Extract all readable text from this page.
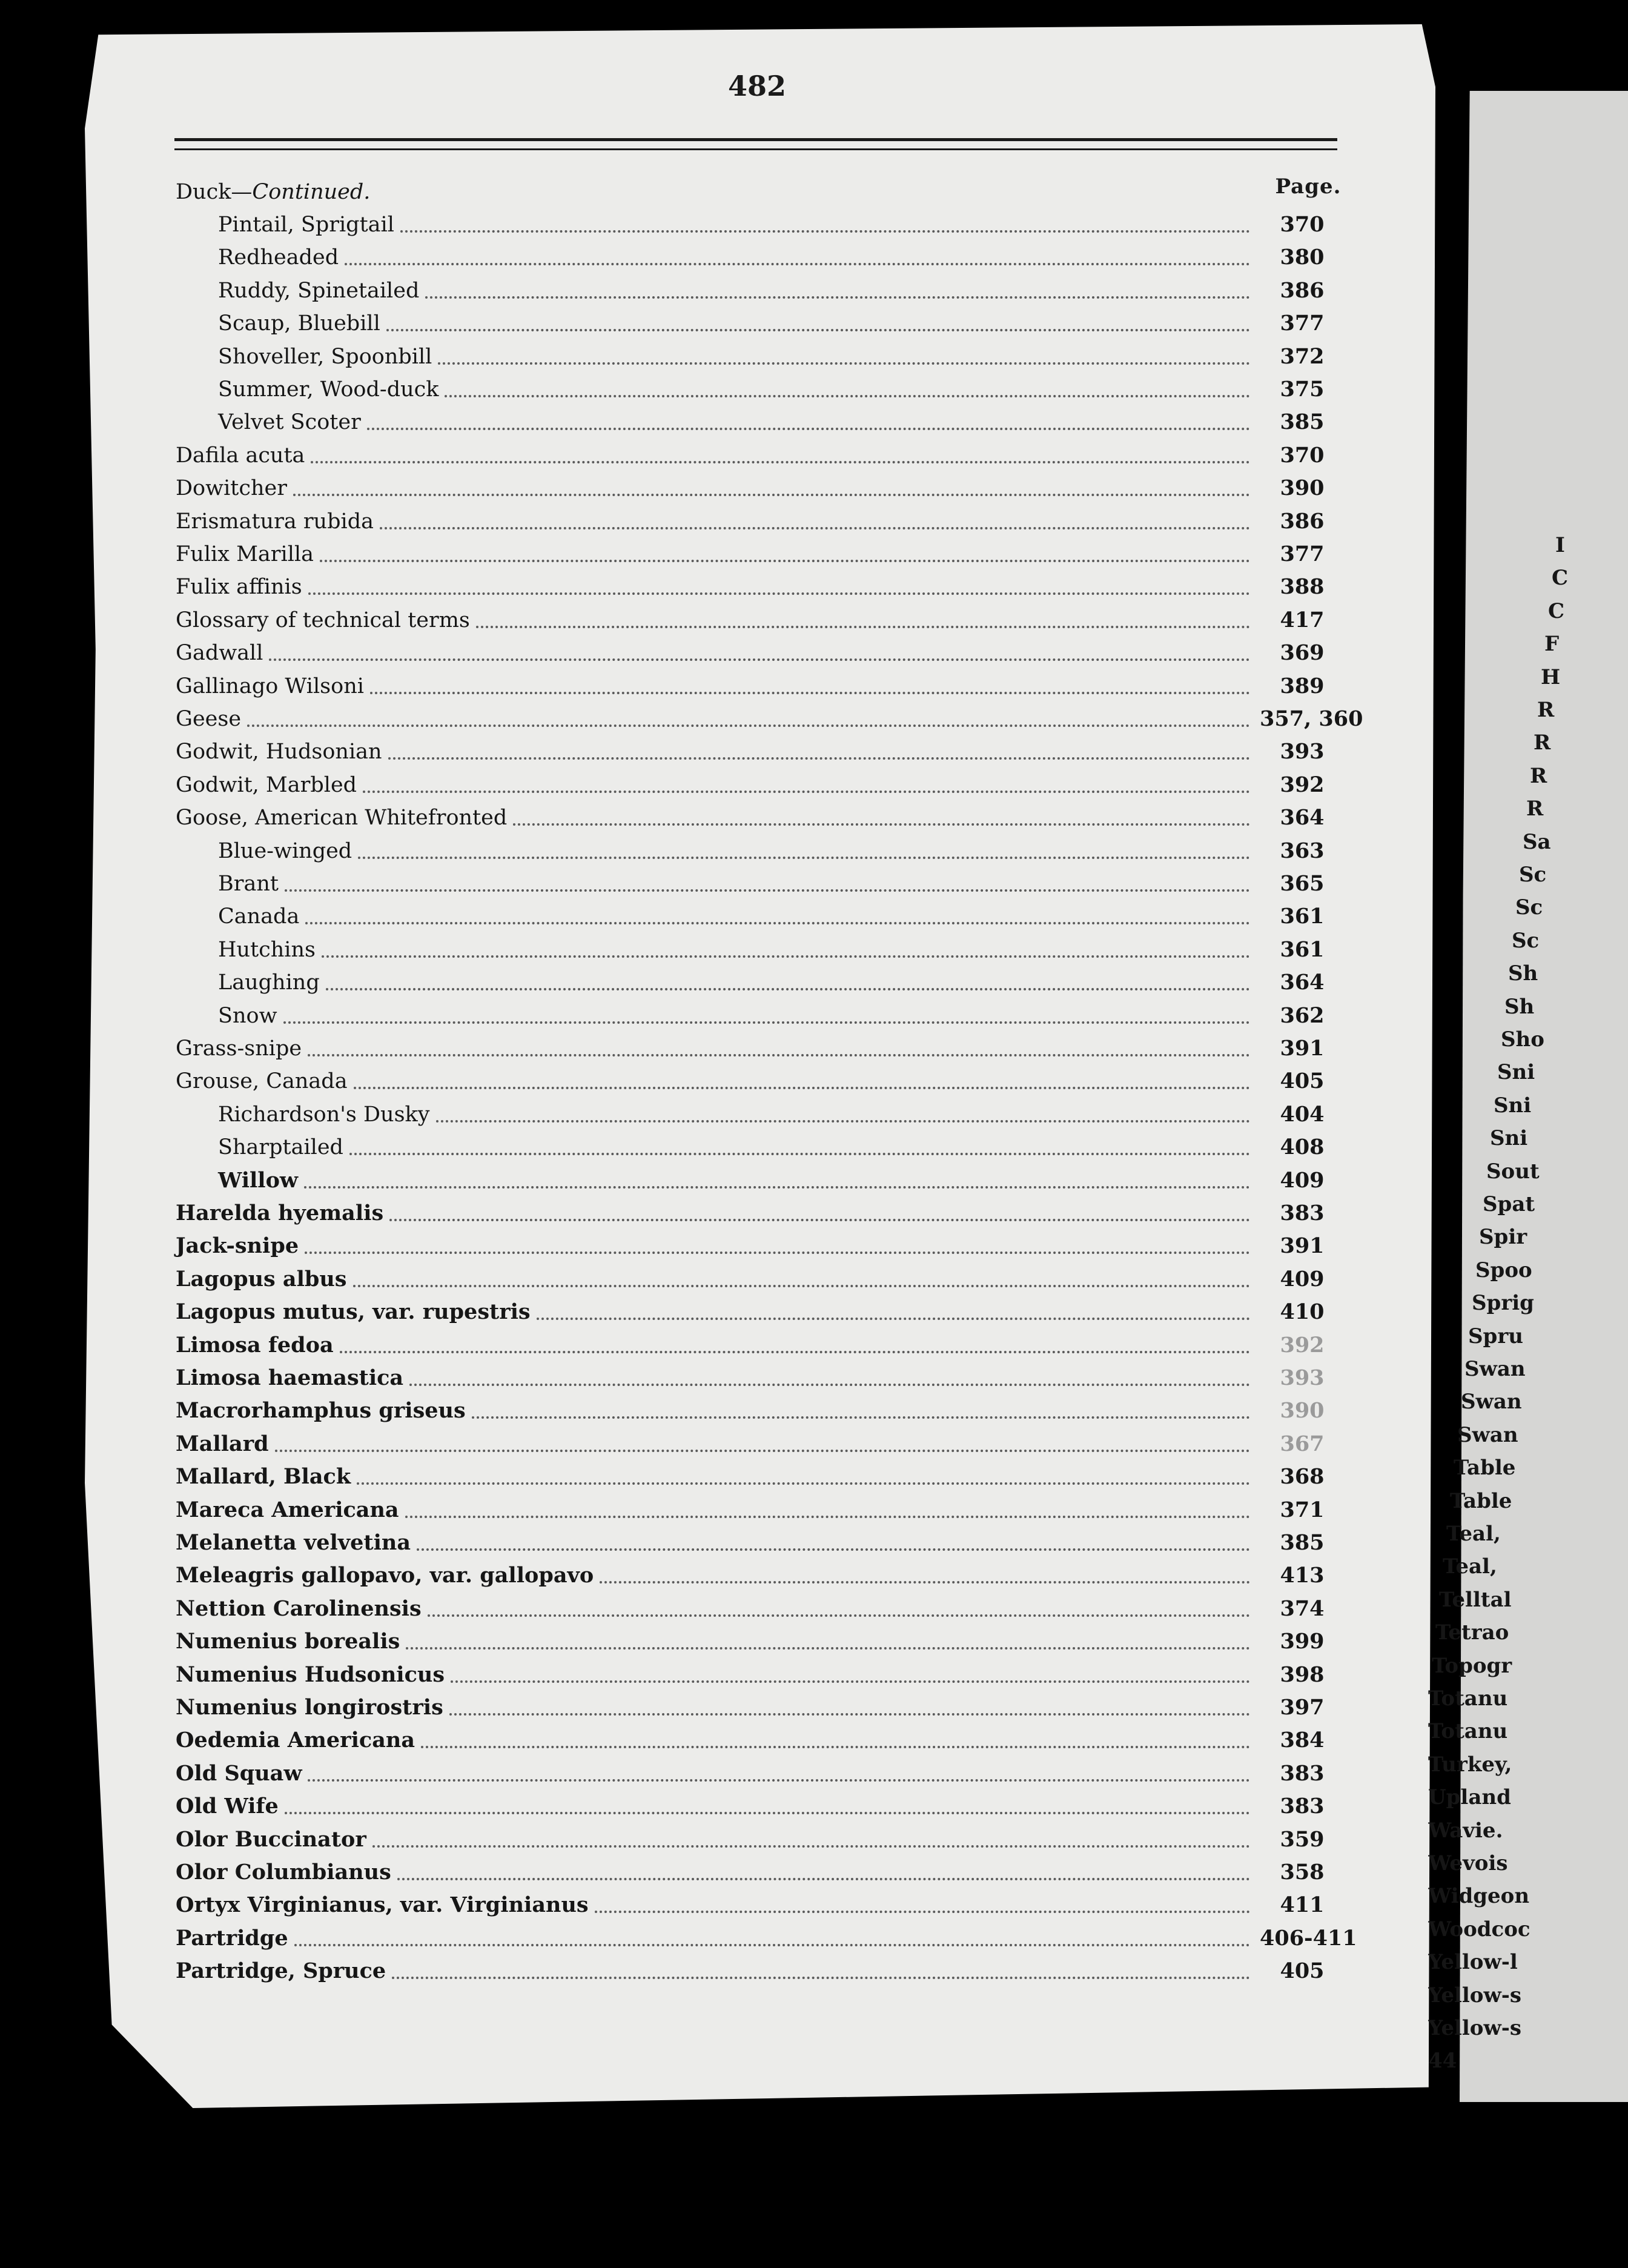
482
Page.
Duck—Continued.
Pintail, Sprigtail	370
Redheaded	380
Ruddy, Spinetailed	386
Scaup, Bluebill	377
Shoveller, Spoonbill	372
Summer, Wood-duck	375
Velvet Scoter	385
Dafila acuta	370
Dowitcher	390
Erismatura rubida	386
Fulix Marilla	377
Fulix affinis	388
Glossary of technical terms	417
Gadwall	369
Gallinago Wilsoni	389
Geese	357, 360
Godwit, Hudsonian	393
Godwit, Marbled	392
Goose, American Whitefronted	364
Blue-winged	363
Brant	365
Canada	361
Hutchins	361
Laughing	364
Snow	362
Grass-snipe	391
Grouse, Canada	405
Richardson's Dusky	404
Sharptailed	408
Willow	409
Harelda hyemalis	383
Jack-snipe	391
Lagopus albus	409
Lagopus mutus, var. rupestris	410
Limosa fedoa	392
Limosa haemastica	393
Macrorhamphus griseus	390
Mallard	367
Mallard, Black	368
Mareca Americana	371
Melanetta velvetina	385
Meleagris gallopavo, var. gallopavo	413
Nettion Carolinensis	374
Numenius borealis	399
Numenius Hudsonicus	398
Numenius longirostris	397
Oedemia Americana	384
Old Squaw	383
Old Wife	383
Olor Buccinator	359
Olor Columbianus	358
Ortyx Virginianus, var. Virginianus	411
Partridge	406-411
Partridge, Spruce	405
I
C
C
F
H
R
R
R
R
Sa
Sc
Sc
Sc
Sh
Sh
Sho
Sni
Sni
Sni
Sout
Spat
Spir
Spoo
Sprig
Spru
Swan
Swan
Swan
Table
Table
Teal,
Teal,
Telltal
Tetrao
Topogr
Totanu
Totanu
Turkey,
Upland
Wavie.
Wevois
Widgeon
Woodcoc
Yellow-l
Yellow-s
Yellow-s
44
